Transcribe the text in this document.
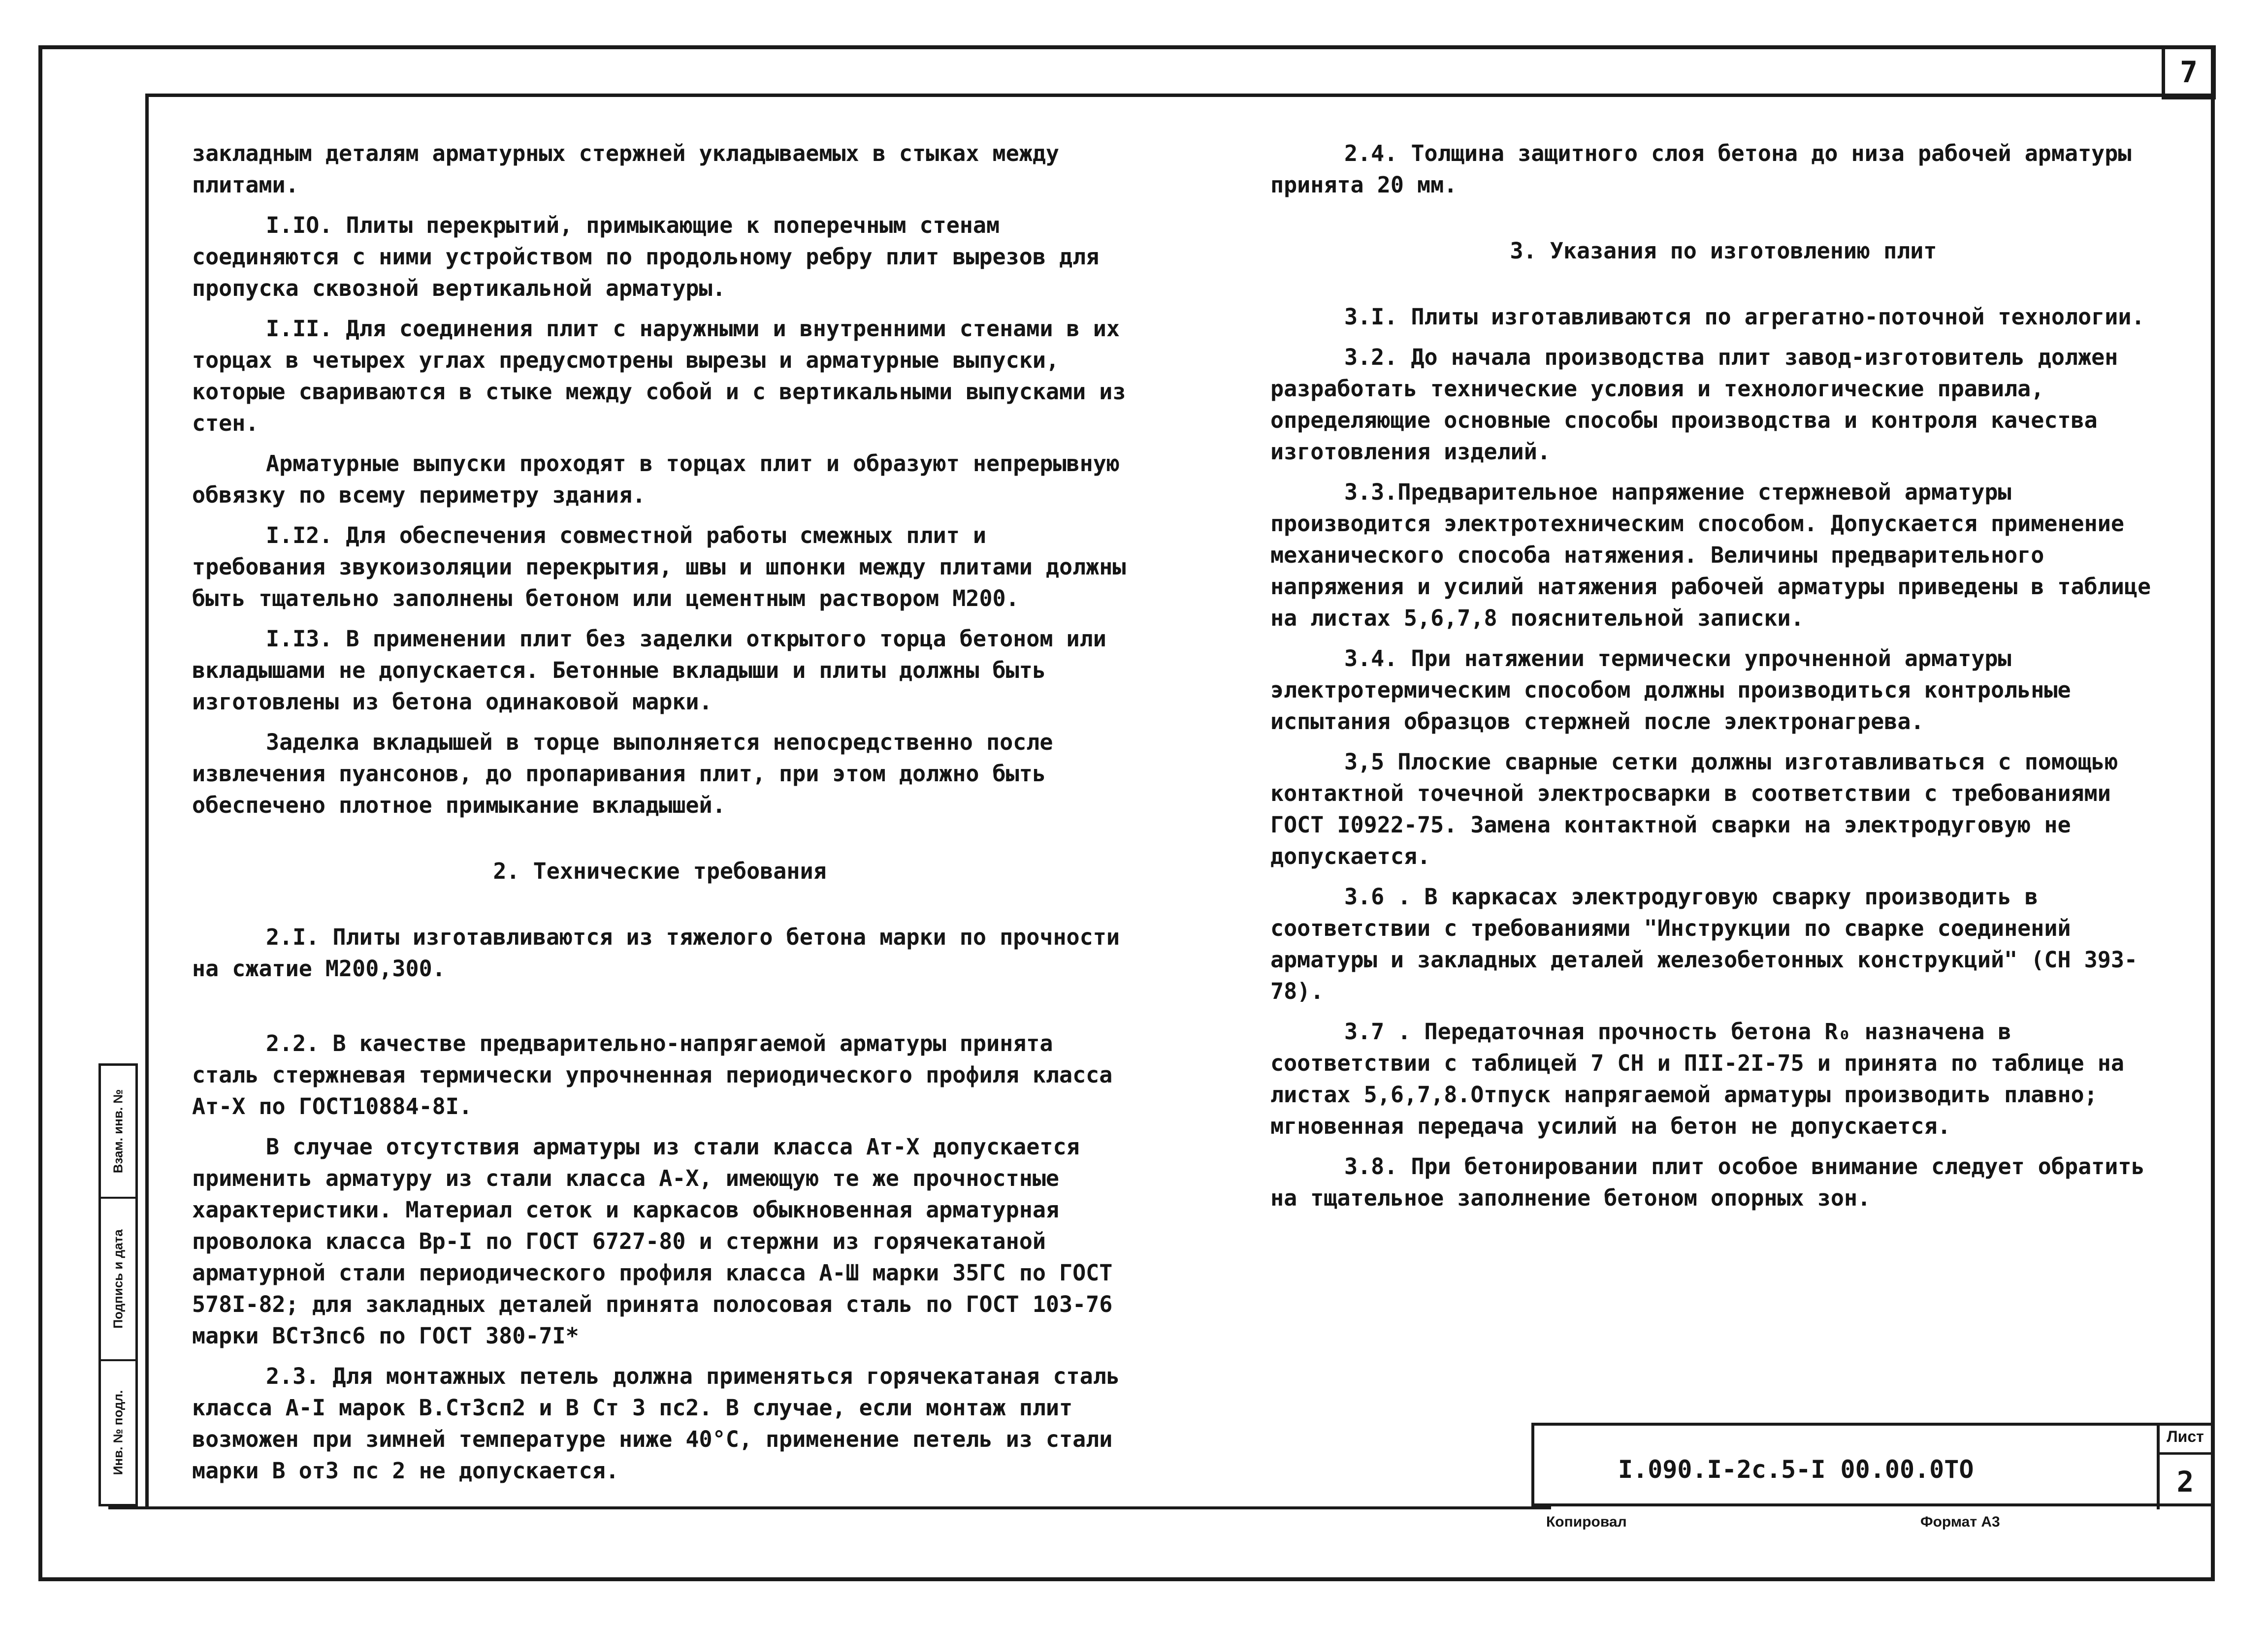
7

закладным деталям арматурных стержней укладываемых в стыках между плитами.

I.IO. Плиты перекрытий, примыкающие к поперечным стенам соединяются с ними устройством по продольному ребру плит вырезов для пропуска сквозной вертикальной арматуры.

I.II. Для соединения плит с наружными и внутренними стенами в их торцах в четырех углах предусмотрены вырезы и арматурные выпуски, которые свариваются в стыке между собой и с вертикальными выпусками из стен.

Арматурные выпуски проходят в торцах плит и образуют непрерывную обвязку по всему периметру здания.

I.I2. Для обеспечения совместной работы смежных плит и требования звукоизоляции перекрытия, швы и шпонки между плитами должны быть тщательно заполнены бетоном или цементным раствором М200.

I.I3. В применении плит без заделки открытого торца бетоном или вкладышами не допускается. Бетонные вкладыши и плиты должны быть изготовлены из бетона одинаковой марки.

Заделка вкладышей в торце выполняется непосредственно после извлечения пуансонов, до пропаривания плит, при этом должно быть обеспечено плотное примыкание вкладышей.

2. Технические требования

2.I. Плиты изготавливаются из тяжелого бетона марки по прочности на сжатие М200,300.

2.2. В качестве предварительно-напрягаемой арматуры принята сталь стержневая термически упрочненная периодического профиля класса Ат-Х по ГОСТ10884-8I.

В случае отсутствия арматуры из стали класса Ат-Х допускается применить арматуру из стали класса А-Х, имеющую те же прочностные характеристики. Материал сеток и каркасов обыкновенная арматурная проволока класса Вр-I по ГОСТ 6727-80 и стержни из горячекатаной арматурной стали периодического профиля класса А-Ш марки 35ГС по ГОСТ 578I-82; для закладных деталей принята полосовая сталь по ГОСТ 103-76 марки ВСт3пс6 по ГОСТ 380-7I*

2.3. Для монтажных петель должна применяться горячекатаная сталь класса А-I марок В.Ст3сп2 и В Ст 3 пс2. В случае, если монтаж плит возможен при зимней температуре ниже 40°С, применение петель из стали марки В от3 пс 2 не допускается.

2.4. Толщина защитного слоя бетона до низа рабочей арматуры принята 20 мм.

3. Указания по изготовлению плит

3.I. Плиты изготавливаются по агрегатно-поточной технологии.

3.2. До начала производства плит завод-изготовитель должен разработать технические условия и технологические правила, определяющие основные способы производства и контроля качества изготовления изделий.

3.3.Предварительное напряжение стержневой арматуры производится электротехническим способом. Допускается применение механического способа натяжения. Величины предварительного напряжения и усилий натяжения рабочей арматуры приведены в таблице на листах 5,6,7,8 пояснительной записки.

3.4. При натяжении термически упрочненной арматуры электротермическим способом должны производиться контрольные испытания образцов стержней после электронагрева.

3,5 Плоские сварные сетки должны изготавливаться с помощью контактной точечной электросварки в соответствии с требованиями ГОСТ I0922-75. Замена контактной сварки на электродуговую не допускается.

3.6 . В каркасах электродуговую сварку производить в соответствии с требованиями "Инструкции по сварке соединений арматуры и закладных деталей железобетонных конструкций" (СН 393-78).

3.7 . Передаточная прочность бетона R₀ назначена в соответствии с таблицей 7 СН и ПII-2I-75 и принята по таблице на листах 5,6,7,8.Отпуск напрягаемой арматуры производить плавно; мгновенная передача усилий на бетон не допускается.

3.8. При бетонировании плит особое внимание следует обратить на тщательное заполнение бетоном опорных зон.

Взам. инв. №
Подпись и дата
Инв. № подл.	I.090.I-2с.5-I 00.00.0ТО
Лист
2
Копировал	Формат А3
